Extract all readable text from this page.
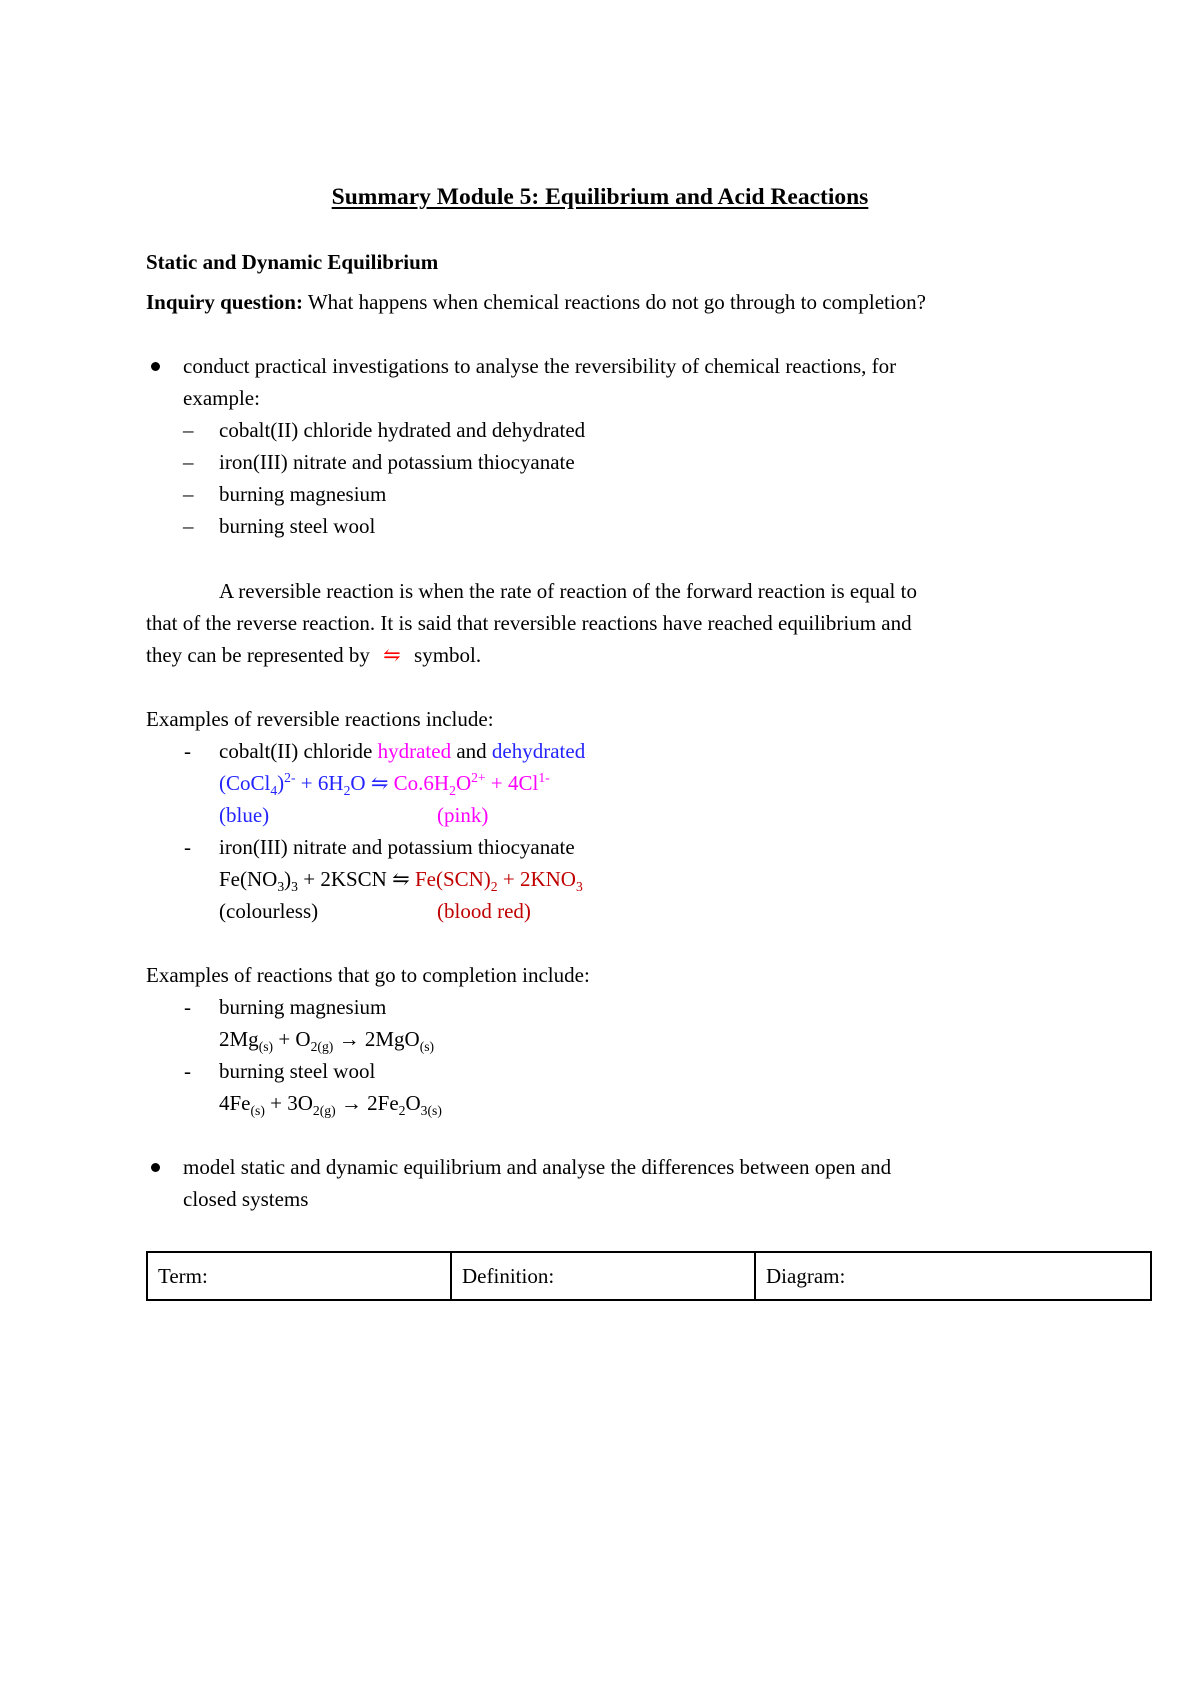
Summary Module 5: Equilibrium and Acid Reactions
Static and Dynamic Equilibrium
Inquiry question: What happens when chemical reactions do not go through to completion?
conduct practical investigations to analyse the reversibility of chemical reactions, for
example:
– cobalt(II) chloride hydrated and dehydrated
– iron(III) nitrate and potassium thiocyanate
– burning magnesium
– burning steel wool
A reversible reaction is when the rate of reaction of the forward reaction is equal to
that of the reverse reaction. It is said that reversible reactions have reached equilibrium and
they can be represented by ⇋ symbol.
Examples of reversible reactions include:
- cobalt(II) chloride hydrated and dehydrated
(CoCl$_4$)$^{2-}$ + $6H_2O$ ⇋ $Co.6H_2O^{2+} + 4Cl^{1-}$
(blue)	(pink)
- iron(III) nitrate and potassium thiocyanate
$Fe(NO_3)_3$ + 2KSCN ⇋ $Fe(SCN)_2 + 2KNO_3$
(colourless)	(blood red)
Examples of reactions that go to completion include:
- burning magnesium
$2Mg_{(s)} + O_{2(g)} \to 2MgO_{(s)}$
- burning steel wool
$4Fe_{(s)} + 3O_{2(g)} \to 2Fe_2O_{3(s)}$
model static and dynamic equilibrium and analyse the differences between open and
closed systems
Term:	Definition:	Diagram:
